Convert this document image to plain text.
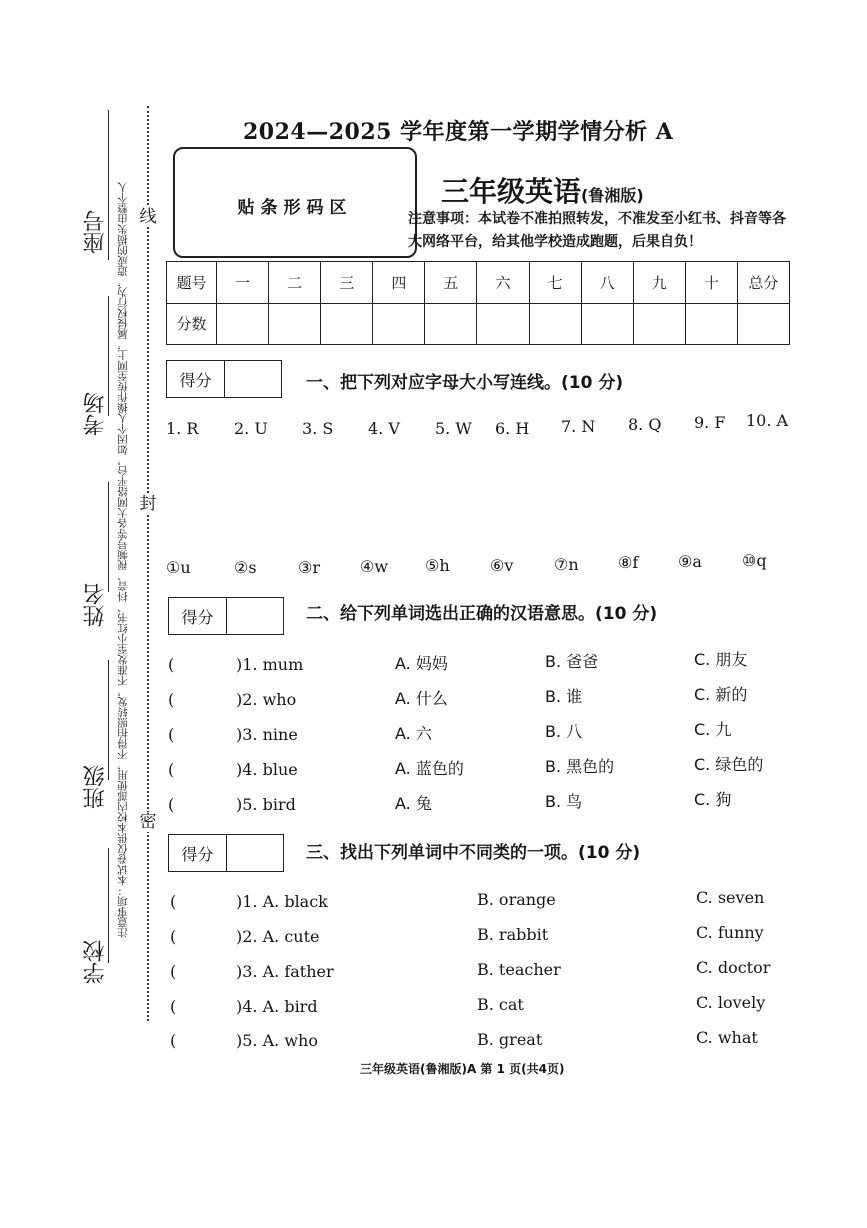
线
封
密
注意事项：本试卷仅供本校内部使用，不得拍照转发，不准发至小红书、抖音、视频号等各大网络平台，如因个人操作传至网上，属侵权行为，造成的损失由整个人
座号
考场
姓名
班级
学校
2024—2025 学年度第一学期学情分析 A
贴条形码区	三年级英语(鲁湘版)
注意事项：本试卷不准拍照转发，不准发至小红书、抖音等各大网络平台，给其他学校造成跑题，后果自负！
题号	一	二	三	四	五	六	七	八	九	十	总分
分数											
得分	一、把下列对应字母大小写连线。(10 分)
1. R 2. U 3. S 4. V 5. W 6. H 7. N 8. Q 9. F 10. A
①u	②s	③r	④w ⑤h	⑥v	⑦n ⑧f ⑨a	⑩q
得分	二、给下列单词选出正确的汉语意思。(10 分)
(	)1. mum	A. 妈妈	B. 爸爸	C. 朋友
(	)2. who	A. 什么	B. 谁	C. 新的
(	)3. nine	A. 六	B. 八	C. 九
(	)4. blue	A. 蓝色的	B. 黑色的	C. 绿色的
(	)5. bird	A. 兔	B. 鸟	C. 狗
得分	三、找出下列单词中不同类的一项。(10 分)
(	)1. A. black	B. orange	C. seven
(	)2. A. cute	B. rabbit	C. funny
(	)3. A. father	B. teacher	C. doctor
(	)4. A. bird	B. cat	C. lovely
(	)5. A. who	B. great	C. what
三年级英语(鲁湘版)A 第 1 页(共4页)
